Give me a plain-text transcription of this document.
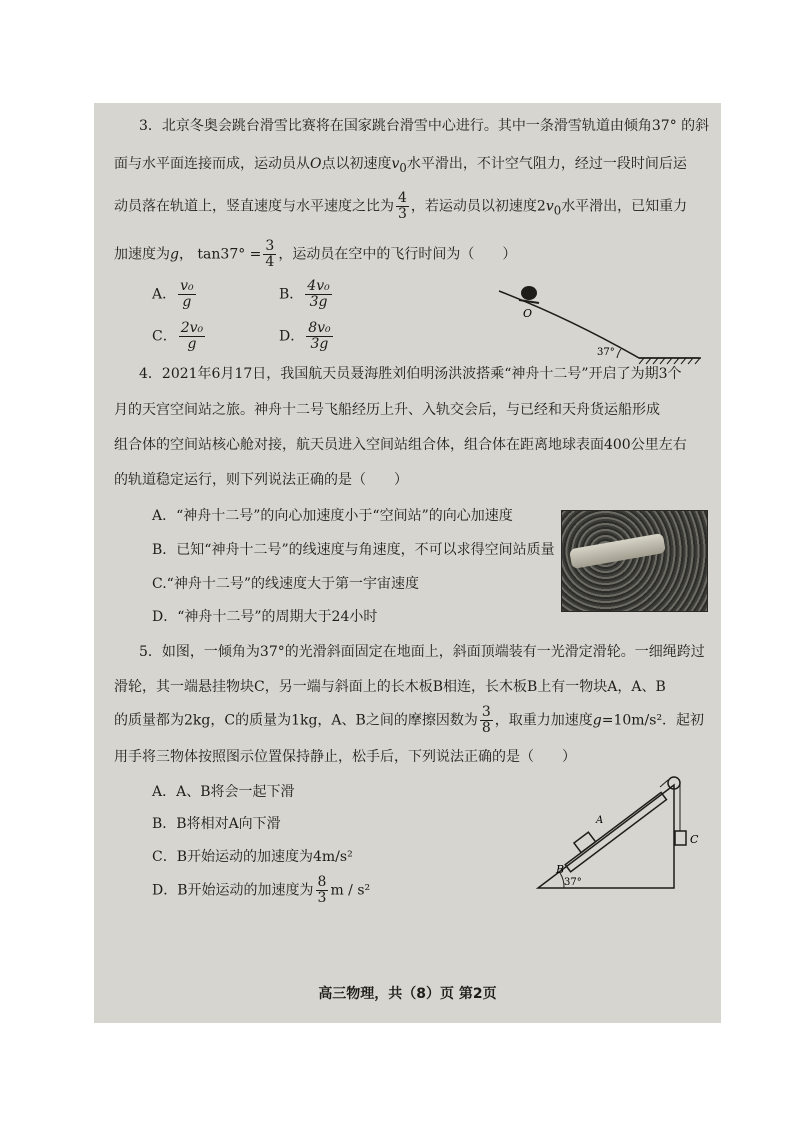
3．北京冬奥会跳台滑雪比赛将在国家跳台滑雪中心进行。其中一条滑雪轨道由倾角37° 的斜
面与水平面连接而成，运动员从O点以初速度$v_0$水平滑出，不计空气阻力，经过一段时间后运
动员落在轨道上，竖直速度与水平速度之比为 $\frac{4}{3}$ ，若运动员以初速度$2v_0$水平滑出，已知重力
加速度为g， $\tan 37^\circ = \frac{3}{4}$ ，运动员在空中的飞行时间为（　　）
A． $\frac{\text{v₀}}{g}$	B． $\frac{\text{4v₀}}{3g}$
C． $\frac{\text{2v₀}}{g}$	D． $\frac{\text{8v₀}}{3g}$
O
37°
4．2021年6月17日，我国航天员聂海胜刘伯明汤洪波搭乘“神舟十二号”开启了为期3个
月的天宫空间站之旅。神舟十二号飞船经历上升、入轨交会后，与已经和天舟货运船形成
组合体的空间站核心舱对接，航天员进入空间站组合体，组合体在距离地球表面400公里左右
的轨道稳定运行，则下列说法正确的是（　　）
A．“神舟十二号”的向心加速度小于“空间站”的向心加速度
B．已知“神舟十二号”的线速度与角速度，不可以求得空间站质量
C.“神舟十二号”的线速度大于第一宇宙速度
D．“神舟十二号”的周期大于24小时
5．如图，一倾角为37°的光滑斜面固定在地面上，斜面顶端装有一光滑定滑轮。一细绳跨过
滑轮，其一端悬挂物块C，另一端与斜面上的长木板B相连，长木板B上有一物块A，A、B
的质量都为2kg，C的质量为1kg，A、B之间的摩擦因数为 $\frac{3}{8}$ ，取重力加速度g=10m/s²．起初
用手将三物体按照图示位置保持静止，松手后，下列说法正确的是（　　）
A．A、B将会一起下滑
B．B将相对A向下滑
C．B开始运动的加速度为4m/s²
D．B开始运动的加速度为 $\frac{8}{3}$ m / s²
C
A
B
37°
高三物理，共（8）页 第2页
